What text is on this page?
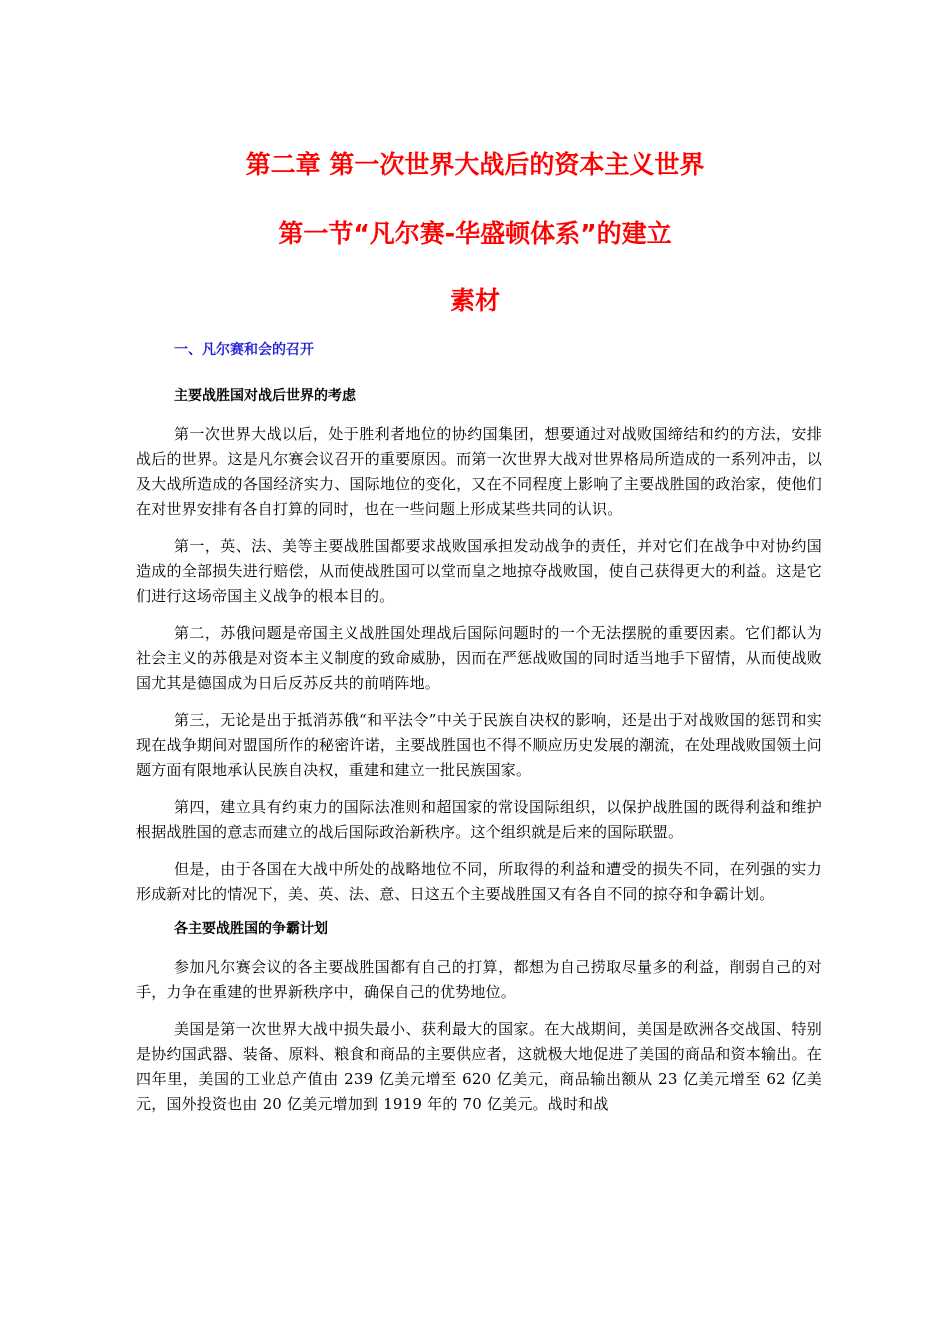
第二章 第一次世界大战后的资本主义世界
第一节“凡尔赛-华盛顿体系”的建立
素材

一、凡尔赛和会的召开

主要战胜国对战后世界的考虑

第一次世界大战以后，处于胜利者地位的协约国集团，想要通过对战败国缔结和约的方法，安排战后的世界。这是凡尔赛会议召开的重要原因。而第一次世界大战对世界格局所造成的一系列冲击，以及大战所造成的各国经济实力、国际地位的变化，又在不同程度上影响了主要战胜国的政治家，使他们在对世界安排有各自打算的同时，也在一些问题上形成某些共同的认识。

第一，英、法、美等主要战胜国都要求战败国承担发动战争的责任，并对它们在战争中对协约国造成的全部损失进行赔偿，从而使战胜国可以堂而皇之地掠夺战败国，使自己获得更大的利益。这是它们进行这场帝国主义战争的根本目的。

第二，苏俄问题是帝国主义战胜国处理战后国际问题时的一个无法摆脱的重要因素。它们都认为社会主义的苏俄是对资本主义制度的致命威胁，因而在严惩战败国的同时适当地手下留情，从而使战败国尤其是德国成为日后反苏反共的前哨阵地。

第三，无论是出于抵消苏俄“和平法令”中关于民族自决权的影响，还是出于对战败国的惩罚和实现在战争期间对盟国所作的秘密许诺，主要战胜国也不得不顺应历史发展的潮流，在处理战败国领土问题方面有限地承认民族自决权，重建和建立一批民族国家。

第四，建立具有约束力的国际法准则和超国家的常设国际组织，以保护战胜国的既得利益和维护根据战胜国的意志而建立的战后国际政治新秩序。这个组织就是后来的国际联盟。

但是，由于各国在大战中所处的战略地位不同，所取得的利益和遭受的损失不同，在列强的实力形成新对比的情况下，美、英、法、意、日这五个主要战胜国又有各自不同的掠夺和争霸计划。

各主要战胜国的争霸计划

参加凡尔赛会议的各主要战胜国都有自己的打算，都想为自己捞取尽量多的利益，削弱自己的对手，力争在重建的世界新秩序中，确保自己的优势地位。

美国是第一次世界大战中损失最小、获利最大的国家。在大战期间，美国是欧洲各交战国、特别是协约国武器、装备、原料、粮食和商品的主要供应者，这就极大地促进了美国的商品和资本输出。在四年里，美国的工业总产值由 239 亿美元增至 620 亿美元，商品输出额从 23 亿美元增至 62 亿美元，国外投资也由 20 亿美元增加到 1919 年的 70 亿美元。战时和战
